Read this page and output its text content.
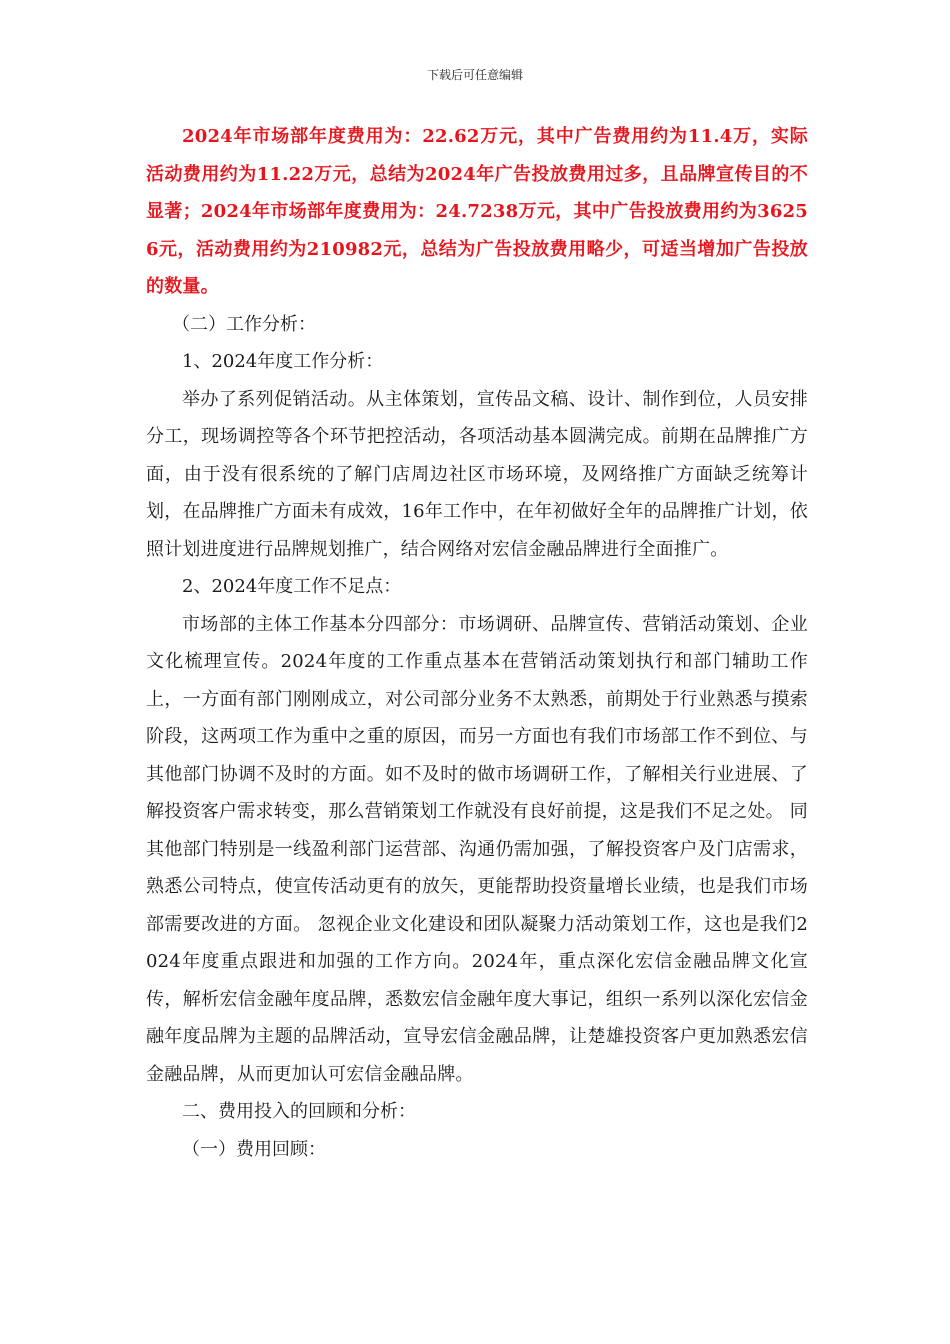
下载后可任意编辑

2024年市场部年度费用为：22.62万元，其中广告费用约为11.4万，实际活动费用约为11.22万元，总结为2024年广告投放费用过多，且品牌宣传目的不显著；2024年市场部年度费用为：24.7238万元，其中广告投放费用约为36256元，活动费用约为210982元，总结为广告投放费用略少，可适当增加广告投放的数量。

（二）工作分析：

1、2024年度工作分析：

举办了系列促销活动。从主体策划，宣传品文稿、设计、制作到位，人员安排分工，现场调控等各个环节把控活动，各项活动基本圆满完成。前期在品牌推广方面，由于没有很系统的了解门店周边社区市场环境，及网络推广方面缺乏统筹计划，在品牌推广方面未有成效，16年工作中，在年初做好全年的品牌推广计划，依照计划进度进行品牌规划推广，结合网络对宏信金融品牌进行全面推广。

2、2024年度工作不足点：

市场部的主体工作基本分四部分：市场调研、品牌宣传、营销活动策划、企业文化梳理宣传。2024年度的工作重点基本在营销活动策划执行和部门辅助工作上，一方面有部门刚刚成立，对公司部分业务不太熟悉，前期处于行业熟悉与摸索阶段，这两项工作为重中之重的原因，而另一方面也有我们市场部工作不到位、与其他部门协调不及时的方面。如不及时的做市场调研工作，了解相关行业进展、了解投资客户需求转变，那么营销策划工作就没有良好前提，这是我们不足之处。 同其他部门特别是一线盈利部门运营部、沟通仍需加强，了解投资客户及门店需求，熟悉公司特点，使宣传活动更有的放矢，更能帮助投资量增长业绩，也是我们市场部需要改进的方面。 忽视企业文化建设和团队凝聚力活动策划工作，这也是我们2024年度重点跟进和加强的工作方向。2024年，重点深化宏信金融品牌文化宣传，解析宏信金融年度品牌，悉数宏信金融年度大事记，组织一系列以深化宏信金融年度品牌为主题的品牌活动，宣导宏信金融品牌，让楚雄投资客户更加熟悉宏信金融品牌，从而更加认可宏信金融品牌。

二、费用投入的回顾和分析：

（一）费用回顾：
